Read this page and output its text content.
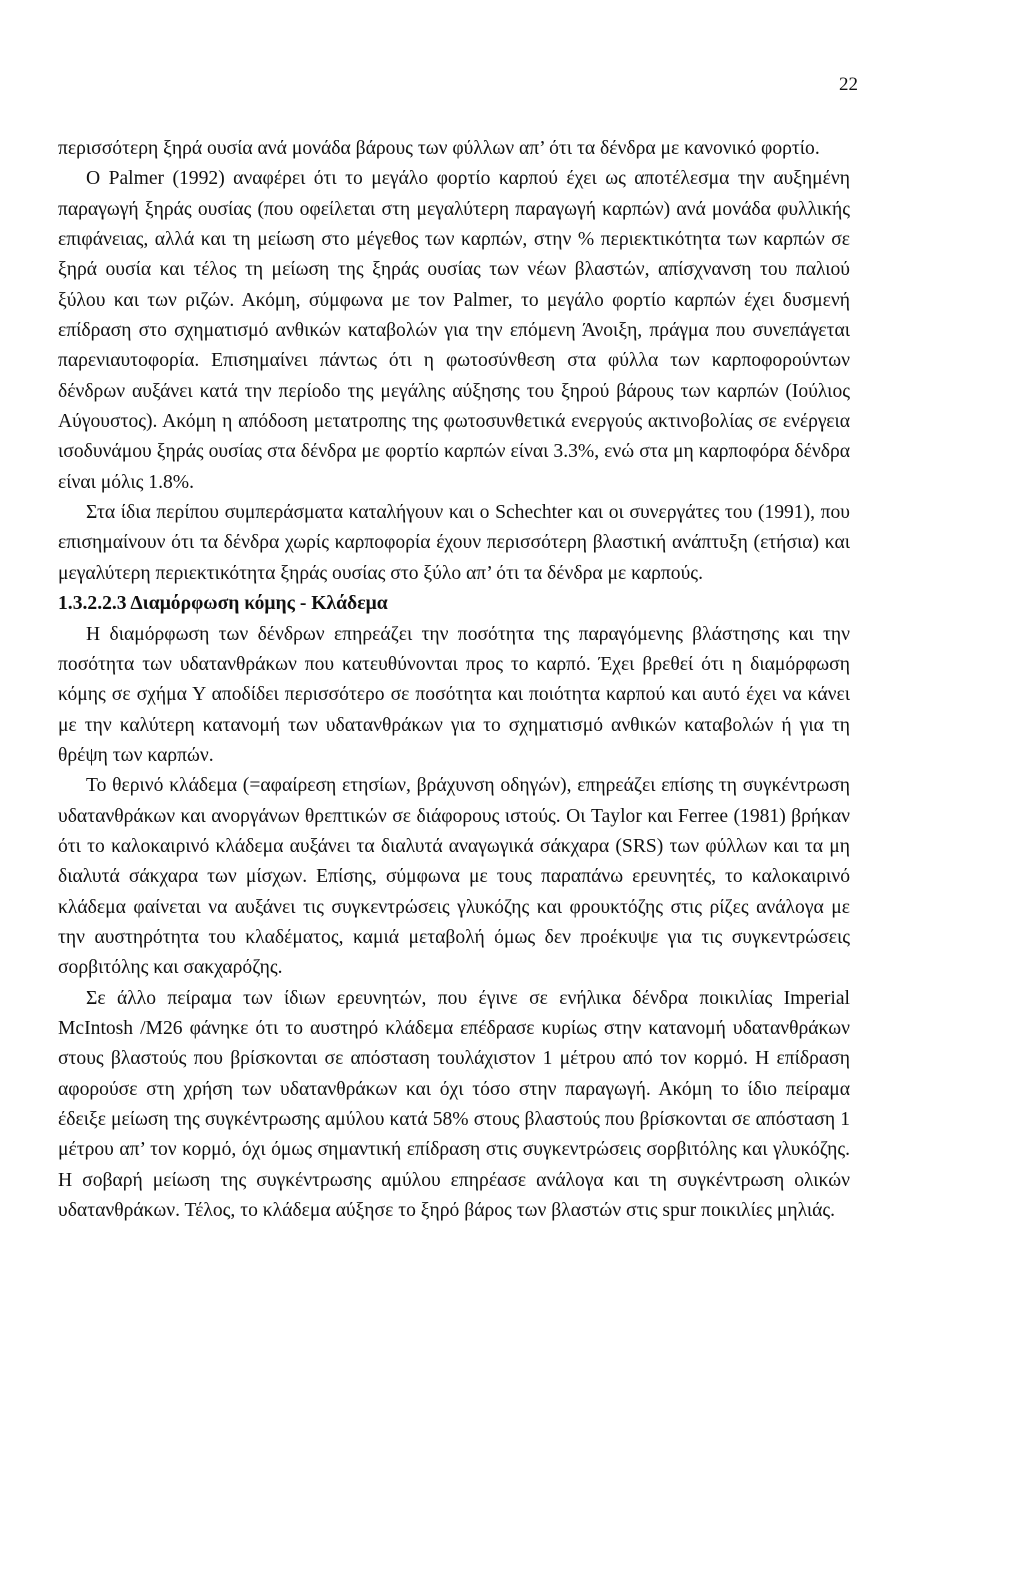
22

περισσότερη ξηρά ουσία ανά μονάδα βάρους των φύλλων απ’ ότι τα δένδρα με κανονικό φορτίο.

Ο Palmer (1992) αναφέρει ότι το μεγάλο φορτίο καρπού έχει ως αποτέλεσμα την αυξημένη παραγωγή ξηράς ουσίας (που οφείλεται στη μεγαλύτερη παραγωγή καρπών) ανά μονάδα φυλλικής επιφάνειας, αλλά και τη μείωση στο μέγεθος των καρπών, στην % περιεκτικότητα των καρπών σε ξηρά ουσία και τέλος τη μείωση της ξηράς ουσίας των νέων βλαστών, απίσχνανση του παλιού ξύλου και των ριζών. Ακόμη, σύμφωνα με τον Palmer, το μεγάλο φορτίο καρπών έχει δυσμενή επίδραση στο σχηματισμό ανθικών καταβολών για την επόμενη Άνοιξη, πράγμα που συνεπάγεται παρενιαυτοφορία. Επισημαίνει πάντως ότι η φωτοσύνθεση στα φύλλα των καρποφορούντων δένδρων αυξάνει κατά την περίοδο της μεγάλης αύξησης του ξηρού βάρους των καρπών (Ιούλιος Αύγουστος). Ακόμη η απόδοση μετατροπης της φωτοσυνθετικά ενεργούς ακτινοβολίας σε ενέργεια ισοδυνάμου ξηράς ουσίας στα δένδρα με φορτίο καρπών είναι 3.3%, ενώ στα μη καρποφόρα δένδρα είναι μόλις 1.8%.

Στα ίδια περίπου συμπεράσματα καταλήγουν και ο Schechter και οι συνεργάτες του (1991), που επισημαίνουν ότι τα δένδρα χωρίς καρποφορία έχουν περισσότερη βλαστική ανάπτυξη (ετήσια) και μεγαλύτερη περιεκτικότητα ξηράς ουσίας στο ξύλο απ’ ότι τα δένδρα με καρπούς.

1.3.2.2.3 Διαμόρφωση κόμης - Κλάδεμα

Η διαμόρφωση των δένδρων επηρεάζει την ποσότητα της παραγόμενης βλάστησης και την ποσότητα των υδατανθράκων που κατευθύνονται προς το καρπό. Έχει βρεθεί ότι η διαμόρφωση κόμης σε σχήμα Υ αποδίδει περισσότερο σε ποσότητα και ποιότητα καρπού και αυτό έχει να κάνει με την καλύτερη κατανομή των υδατανθράκων για το σχηματισμό ανθικών καταβολών ή για τη θρέψη των καρπών.

Το θερινό κλάδεμα (=αφαίρεση ετησίων, βράχυνση οδηγών), επηρεάζει επίσης τη συγκέντρωση υδατανθράκων και ανοργάνων θρεπτικών σε διάφορους ιστούς. Οι Taylor και Ferree (1981) βρήκαν ότι το καλοκαιρινό κλάδεμα αυξάνει τα διαλυτά αναγωγικά σάκχαρα (SRS) των φύλλων και τα μη διαλυτά σάκχαρα των μίσχων. Επίσης, σύμφωνα με τους παραπάνω ερευνητές, το καλοκαιρινό κλάδεμα φαίνεται να αυξάνει τις συγκεντρώσεις γλυκόζης και φρουκτόζης στις ρίζες ανάλογα με την αυστηρότητα του κλαδέματος, καμιά μεταβολή όμως δεν προέκυψε για τις συγκεντρώσεις σορβιτόλης και σακχαρόζης.

Σε άλλο πείραμα των ίδιων ερευνητών, που έγινε σε ενήλικα δένδρα ποικιλίας Imperial McIntosh /M26 φάνηκε ότι το αυστηρό κλάδεμα επέδρασε κυρίως στην κατανομή υδατανθράκων στους βλαστούς που βρίσκονται σε απόσταση τουλάχιστον 1 μέτρου από τον κορμό. Η επίδραση αφορούσε στη χρήση των υδατανθράκων και όχι τόσο στην παραγωγή. Ακόμη το ίδιο πείραμα έδειξε μείωση της συγκέντρωσης αμύλου κατά 58% στους βλαστούς που βρίσκονται σε απόσταση 1 μέτρου απ’ τον κορμό, όχι όμως σημαντική επίδραση στις συγκεντρώσεις σορβιτόλης και γλυκόζης. Η σοβαρή μείωση της συγκέντρωσης αμύλου επηρέασε ανάλογα και τη συγκέντρωση ολικών υδατανθράκων. Τέλος, το κλάδεμα αύξησε το ξηρό βάρος των βλαστών στις spur ποικιλίες μηλιάς.
